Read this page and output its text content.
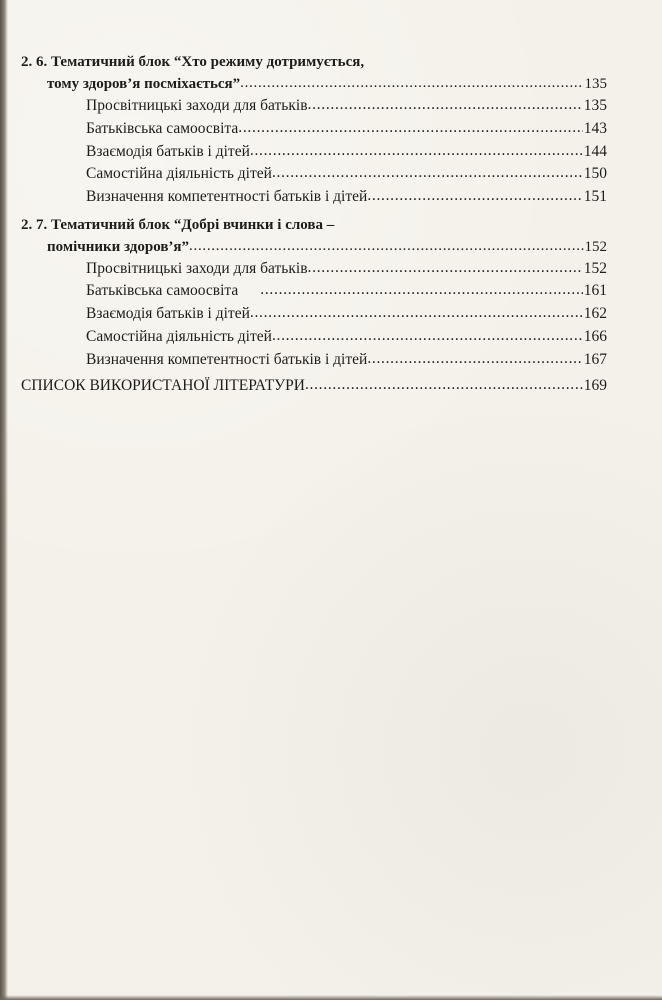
2. 6. Тематичний блок “Хто режиму дотримується,
тому здоров’я посміхається” .....	135
Просвітницькі заходи для батьків .....	135
Батьківська самоосвіта .....	143
Взаємодія батьків і дітей .....	144
Самостійна діяльність дітей .....	150
Визначення компетентності батьків і дітей .....	151
2. 7. Тематичний блок “Добрі вчинки і слова –
помічники здоров’я” .....	152
Просвітницькі заходи для батьків .....	152
Батьківська самоосвіта .....	161
Взаємодія батьків і дітей .....	162
Самостійна діяльність дітей .....	166
Визначення компетентності батьків і дітей .....	167
СПИСОК ВИКОРИСТАНОЇ ЛІТЕРАТУРИ .....	169
